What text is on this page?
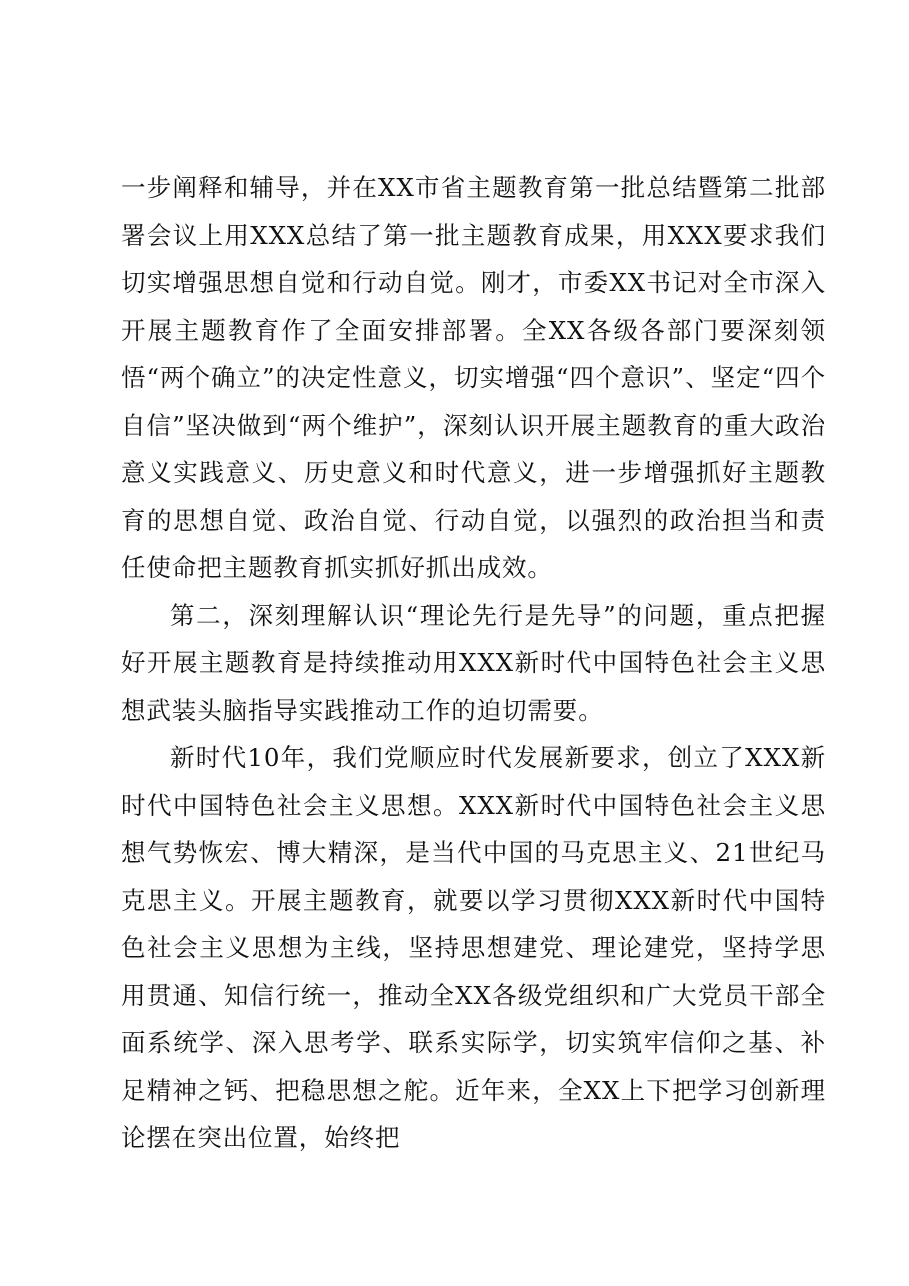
一步阐释和辅导，并在XX市省主题教育第一批总结暨第二批部署会议上用XXX总结了第一批主题教育成果，用XXX要求我们切实增强思想自觉和行动自觉。刚才，市委XX书记对全市深入开展主题教育作了全面安排部署。全XX各级各部门要深刻领悟“两个确立”的决定性意义，切实增强“四个意识”、坚定“四个自信”坚决做到“两个维护”，深刻认识开展主题教育的重大政治意义实践意义、历史意义和时代意义，进一步增强抓好主题教育的思想自觉、政治自觉、行动自觉，以强烈的政治担当和责任使命把主题教育抓实抓好抓出成效。

第二，深刻理解认识“理论先行是先导”的问题，重点把握好开展主题教育是持续推动用XXX新时代中国特色社会主义思想武装头脑指导实践推动工作的迫切需要。

新时代10年，我们党顺应时代发展新要求，创立了XXX新时代中国特色社会主义思想。XXX新时代中国特色社会主义思想气势恢宏、博大精深，是当代中国的马克思主义、21世纪马克思主义。开展主题教育，就要以学习贯彻XXX新时代中国特色社会主义思想为主线，坚持思想建党、理论建党，坚持学思用贯通、知信行统一，推动全XX各级党组织和广大党员干部全面系统学、深入思考学、联系实际学，切实筑牢信仰之基、补足精神之钙、把稳思想之舵。近年来，全XX上下把学习创新理论摆在突出位置，始终把
